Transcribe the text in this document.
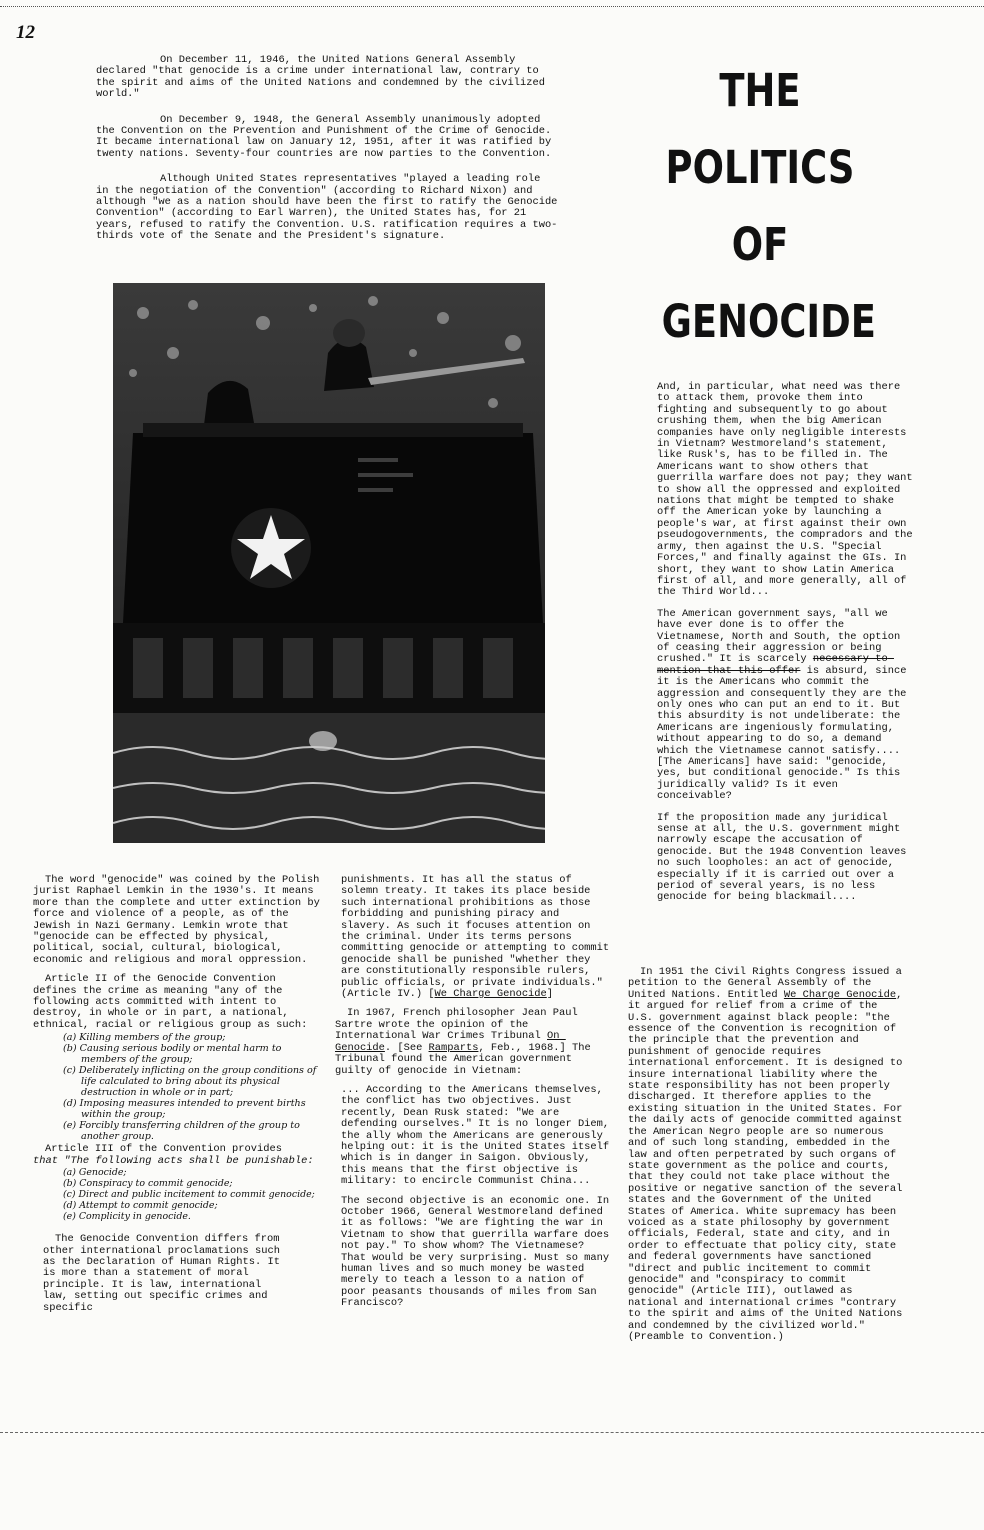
12

On December 11, 1946, the United Nations General Assembly declared "that genocide is a crime under international law, contrary to the spirit and aims of the United Nations and condemned by the civilized world."

On December 9, 1948, the General Assembly unanimously adopted the Convention on the Prevention and Punishment of the Crime of Genocide. It became international law on January 12, 1951, after it was ratified by twenty nations. Seventy-four countries are now parties to the Convention.

Although United States representatives "played a leading role in the negotiation of the Convention" (according to Richard Nixon) and although "we as a nation should have been the first to ratify the Genocide Convention" (according to Earl Warren), the United States has, for 21 years, refused to ratify the Convention. U.S. ratification requires a two-thirds vote of the Senate and the President's signature.

THE
POLITICS
OF
GENOCIDE

The word "genocide" was coined by the Polish jurist Raphael Lemkin in the 1930's. It means more than the complete and utter extinction by force and violence of a people, as of the Jewish in Nazi Germany. Lemkin wrote that "genocide can be effected by physical, political, social, cultural, biological, economic and religious and moral oppression.

Article II of the Genocide Convention defines the crime as meaning "any of the following acts committed with intent to destroy, in whole or in part, a national, ethnical, racial or religious group as such:

(a) Killing members of the group;
(b) Causing serious bodily or mental harm to members of the group;
(c) Deliberately inflicting on the group conditions of life calculated to bring about its physical destruction in whole or in part;
(d) Imposing measures intended to prevent births within the group;
(e) Forcibly transferring children of the group to another group.

Article III of the Convention provides
that "The following acts shall be punishable:

(a) Genocide;
(b) Conspiracy to commit genocide;
(c) Direct and public incitement to commit genocide;
(d) Attempt to commit genocide;
(e) Complicity in genocide.

The Genocide Convention differs from other international proclamations such as the Declaration of Human Rights. It is more than a statement of moral principle. It is law, international law, setting out specific crimes and specific

punishments. It has all the status of solemn treaty. It takes its place beside such international prohibitions as those forbidding and punishing piracy and slavery. As such it focuses attention on the criminal. Under its terms persons committing genocide or attempting to commit genocide shall be punished "whether they are constitutionally responsible rulers, public officials, or private individuals." (Article IV.) [We Charge Genocide]

In 1967, French philosopher Jean Paul Sartre wrote the opinion of the International War Crimes Tribunal On Genocide. [See Ramparts, Feb., 1968.] The Tribunal found the American government guilty of genocide in Vietnam:

... According to the Americans themselves, the conflict has two objectives. Just recently, Dean Rusk stated: "We are defending ourselves." It is no longer Diem, the ally whom the Americans are generously helping out: it is the United States itself which is in danger in Saigon. Obviously, this means that the first objective is military: to encircle Communist China...

The second objective is an economic one. In October 1966, General Westmoreland defined it as follows: "We are fighting the war in Vietnam to show that guerrilla warfare does not pay." To show whom? The Vietnamese? That would be very surprising. Must so many human lives and so much money be wasted merely to teach a lesson to a nation of poor peasants thousands of miles from San Francisco?

And, in particular, what need was there to attack them, provoke them into fighting and subsequently to go about crushing them, when the big American companies have only negligible interests in Vietnam? Westmoreland's statement, like Rusk's, has to be filled in. The Americans want to show others that guerrilla warfare does not pay; they want to show all the oppressed and exploited nations that might be tempted to shake off the American yoke by launching a people's war, at first against their own pseudogovernments, the compradors and the army, then against the U.S. "Special Forces," and finally against the GIs. In short, they want to show Latin America first of all, and more generally, all of the Third World...

The American government says, "all we have ever done is to offer the Vietnamese, North and South, the option of ceasing their aggression or being crushed." It is scarcely necessary to mention that this offer is absurd, since it is the Americans who commit the aggression and consequently they are the only ones who can put an end to it. But this absurdity is not undeliberate: the Americans are ingeniously formulating, without appearing to do so, a demand which the Vietnamese cannot satisfy.... [The Americans] have said: "genocide, yes, but conditional genocide." Is this juridically valid? Is it even conceivable?

If the proposition made any juridical sense at all, the U.S. government might narrowly escape the accusation of genocide. But the 1948 Convention leaves no such loopholes: an act of genocide, especially if it is carried out over a period of several years, is no less genocide for being blackmail....

In 1951 the Civil Rights Congress issued a petition to the General Assembly of the United Nations. Entitled We Charge Genocide, it argued for relief from a crime of the U.S. government against black people: "the essence of the Convention is recognition of the principle that the prevention and punishment of genocide requires international enforcement. It is designed to insure international liability where the state responsibility has not been properly discharged. It therefore applies to the existing situation in the United States. For the daily acts of genocide committed against the American Negro people are so numerous and of such long standing, embedded in the law and often perpetrated by such organs of state government as the police and courts, that they could not take place without the positive or negative sanction of the several states and the Government of the United States of America. White supremacy has been voiced as a state philosophy by government officials, Federal, state and city, and in order to effectuate that policy city, state and federal governments have sanctioned "direct and public incitement to commit genocide" and "conspiracy to commit genocide" (Article III), outlawed as national and international crimes "contrary to the spirit and aims of the United Nations and condemned by the civilized world." (Preamble to Convention.)
